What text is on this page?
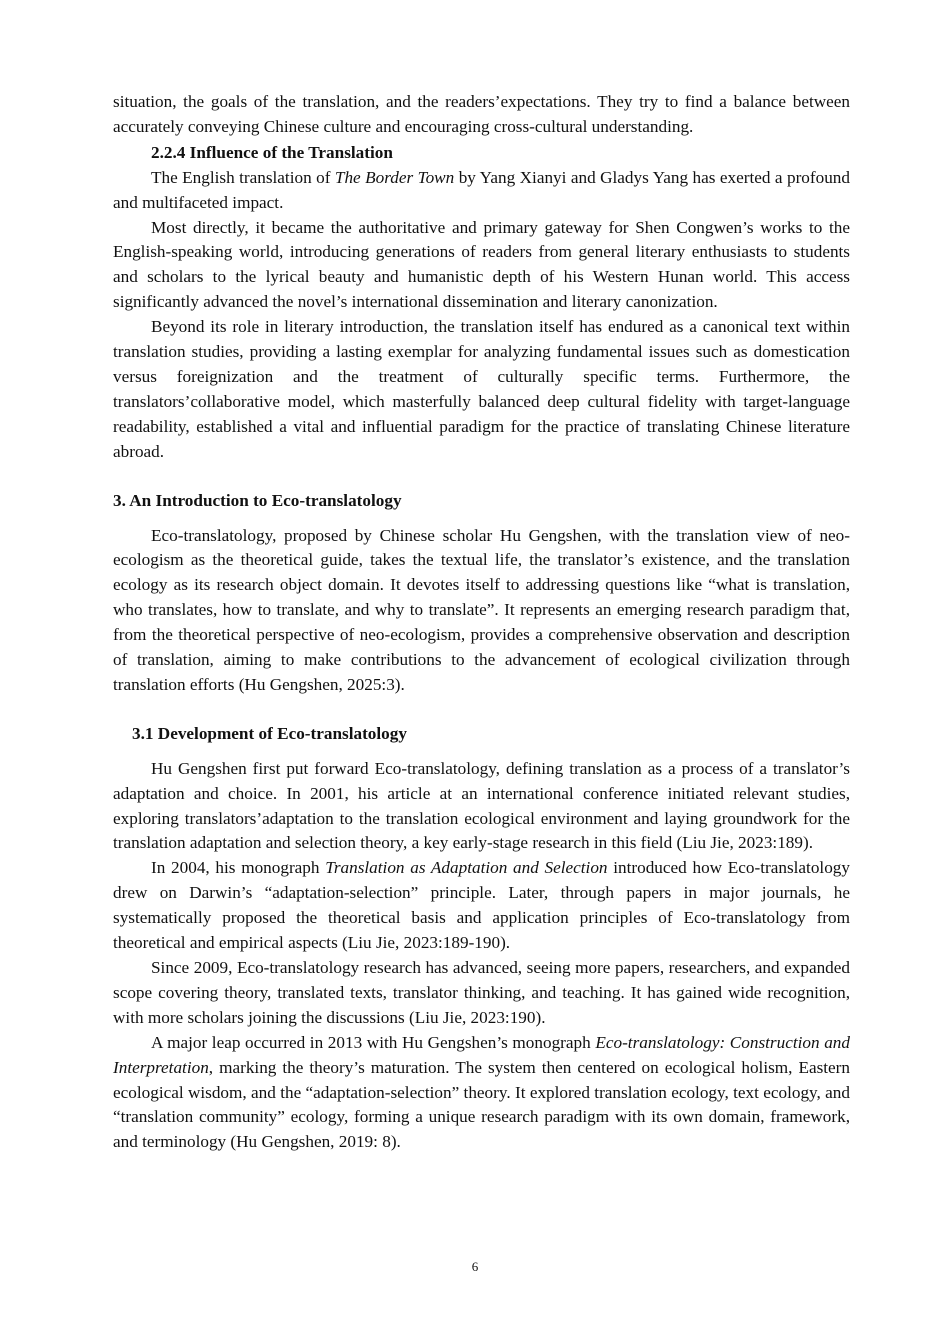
situation, the goals of the translation, and the readers’expectations. They try to find a balance between accurately conveying Chinese culture and encouraging cross-cultural understanding.

2.2.4 Influence of the Translation

The English translation of The Border Town by Yang Xianyi and Gladys Yang has exerted a profound and multifaceted impact.

Most directly, it became the authoritative and primary gateway for Shen Congwen’s works to the English-speaking world, introducing generations of readers from general literary enthusiasts to students and scholars to the lyrical beauty and humanistic depth of his Western Hunan world. This access significantly advanced the novel’s international dissemination and literary canonization.

Beyond its role in literary introduction, the translation itself has endured as a canonical text within translation studies, providing a lasting exemplar for analyzing fundamental issues such as domestication versus foreignization and the treatment of culturally specific terms. Furthermore, the translators’collaborative model, which masterfully balanced deep cultural fidelity with target-language readability, established a vital and influential paradigm for the practice of translating Chinese literature abroad.

3. An Introduction to Eco-translatology

Eco-translatology, proposed by Chinese scholar Hu Gengshen, with the translation view of neo-ecologism as the theoretical guide, takes the textual life, the translator’s existence, and the translation ecology as its research object domain. It devotes itself to addressing questions like “what is translation, who translates, how to translate, and why to translate”. It represents an emerging research paradigm that, from the theoretical perspective of neo-ecologism, provides a comprehensive observation and description of translation, aiming to make contributions to the advancement of ecological civilization through translation efforts (Hu Gengshen, 2025:3).

3.1 Development of Eco-translatology

Hu Gengshen first put forward Eco-translatology, defining translation as a process of a translator’s adaptation and choice. In 2001, his article at an international conference initiated relevant studies, exploring translators’adaptation to the translation ecological environment and laying groundwork for the translation adaptation and selection theory, a key early-stage research in this field (Liu Jie, 2023:189).

In 2004, his monograph Translation as Adaptation and Selection introduced how Eco-translatology drew on Darwin’s “adaptation-selection” principle. Later, through papers in major journals, he systematically proposed the theoretical basis and application principles of Eco-translatology from theoretical and empirical aspects (Liu Jie, 2023:189-190).

Since 2009, Eco-translatology research has advanced, seeing more papers, researchers, and expanded scope covering theory, translated texts, translator thinking, and teaching. It has gained wide recognition, with more scholars joining the discussions (Liu Jie, 2023:190).

A major leap occurred in 2013 with Hu Gengshen’s monograph Eco-translatology: Construction and Interpretation, marking the theory’s maturation. The system then centered on ecological holism, Eastern ecological wisdom, and the “adaptation-selection” theory. It explored translation ecology, text ecology, and “translation community” ecology, forming a unique research paradigm with its own domain, framework, and terminology (Hu Gengshen, 2019: 8).

6
